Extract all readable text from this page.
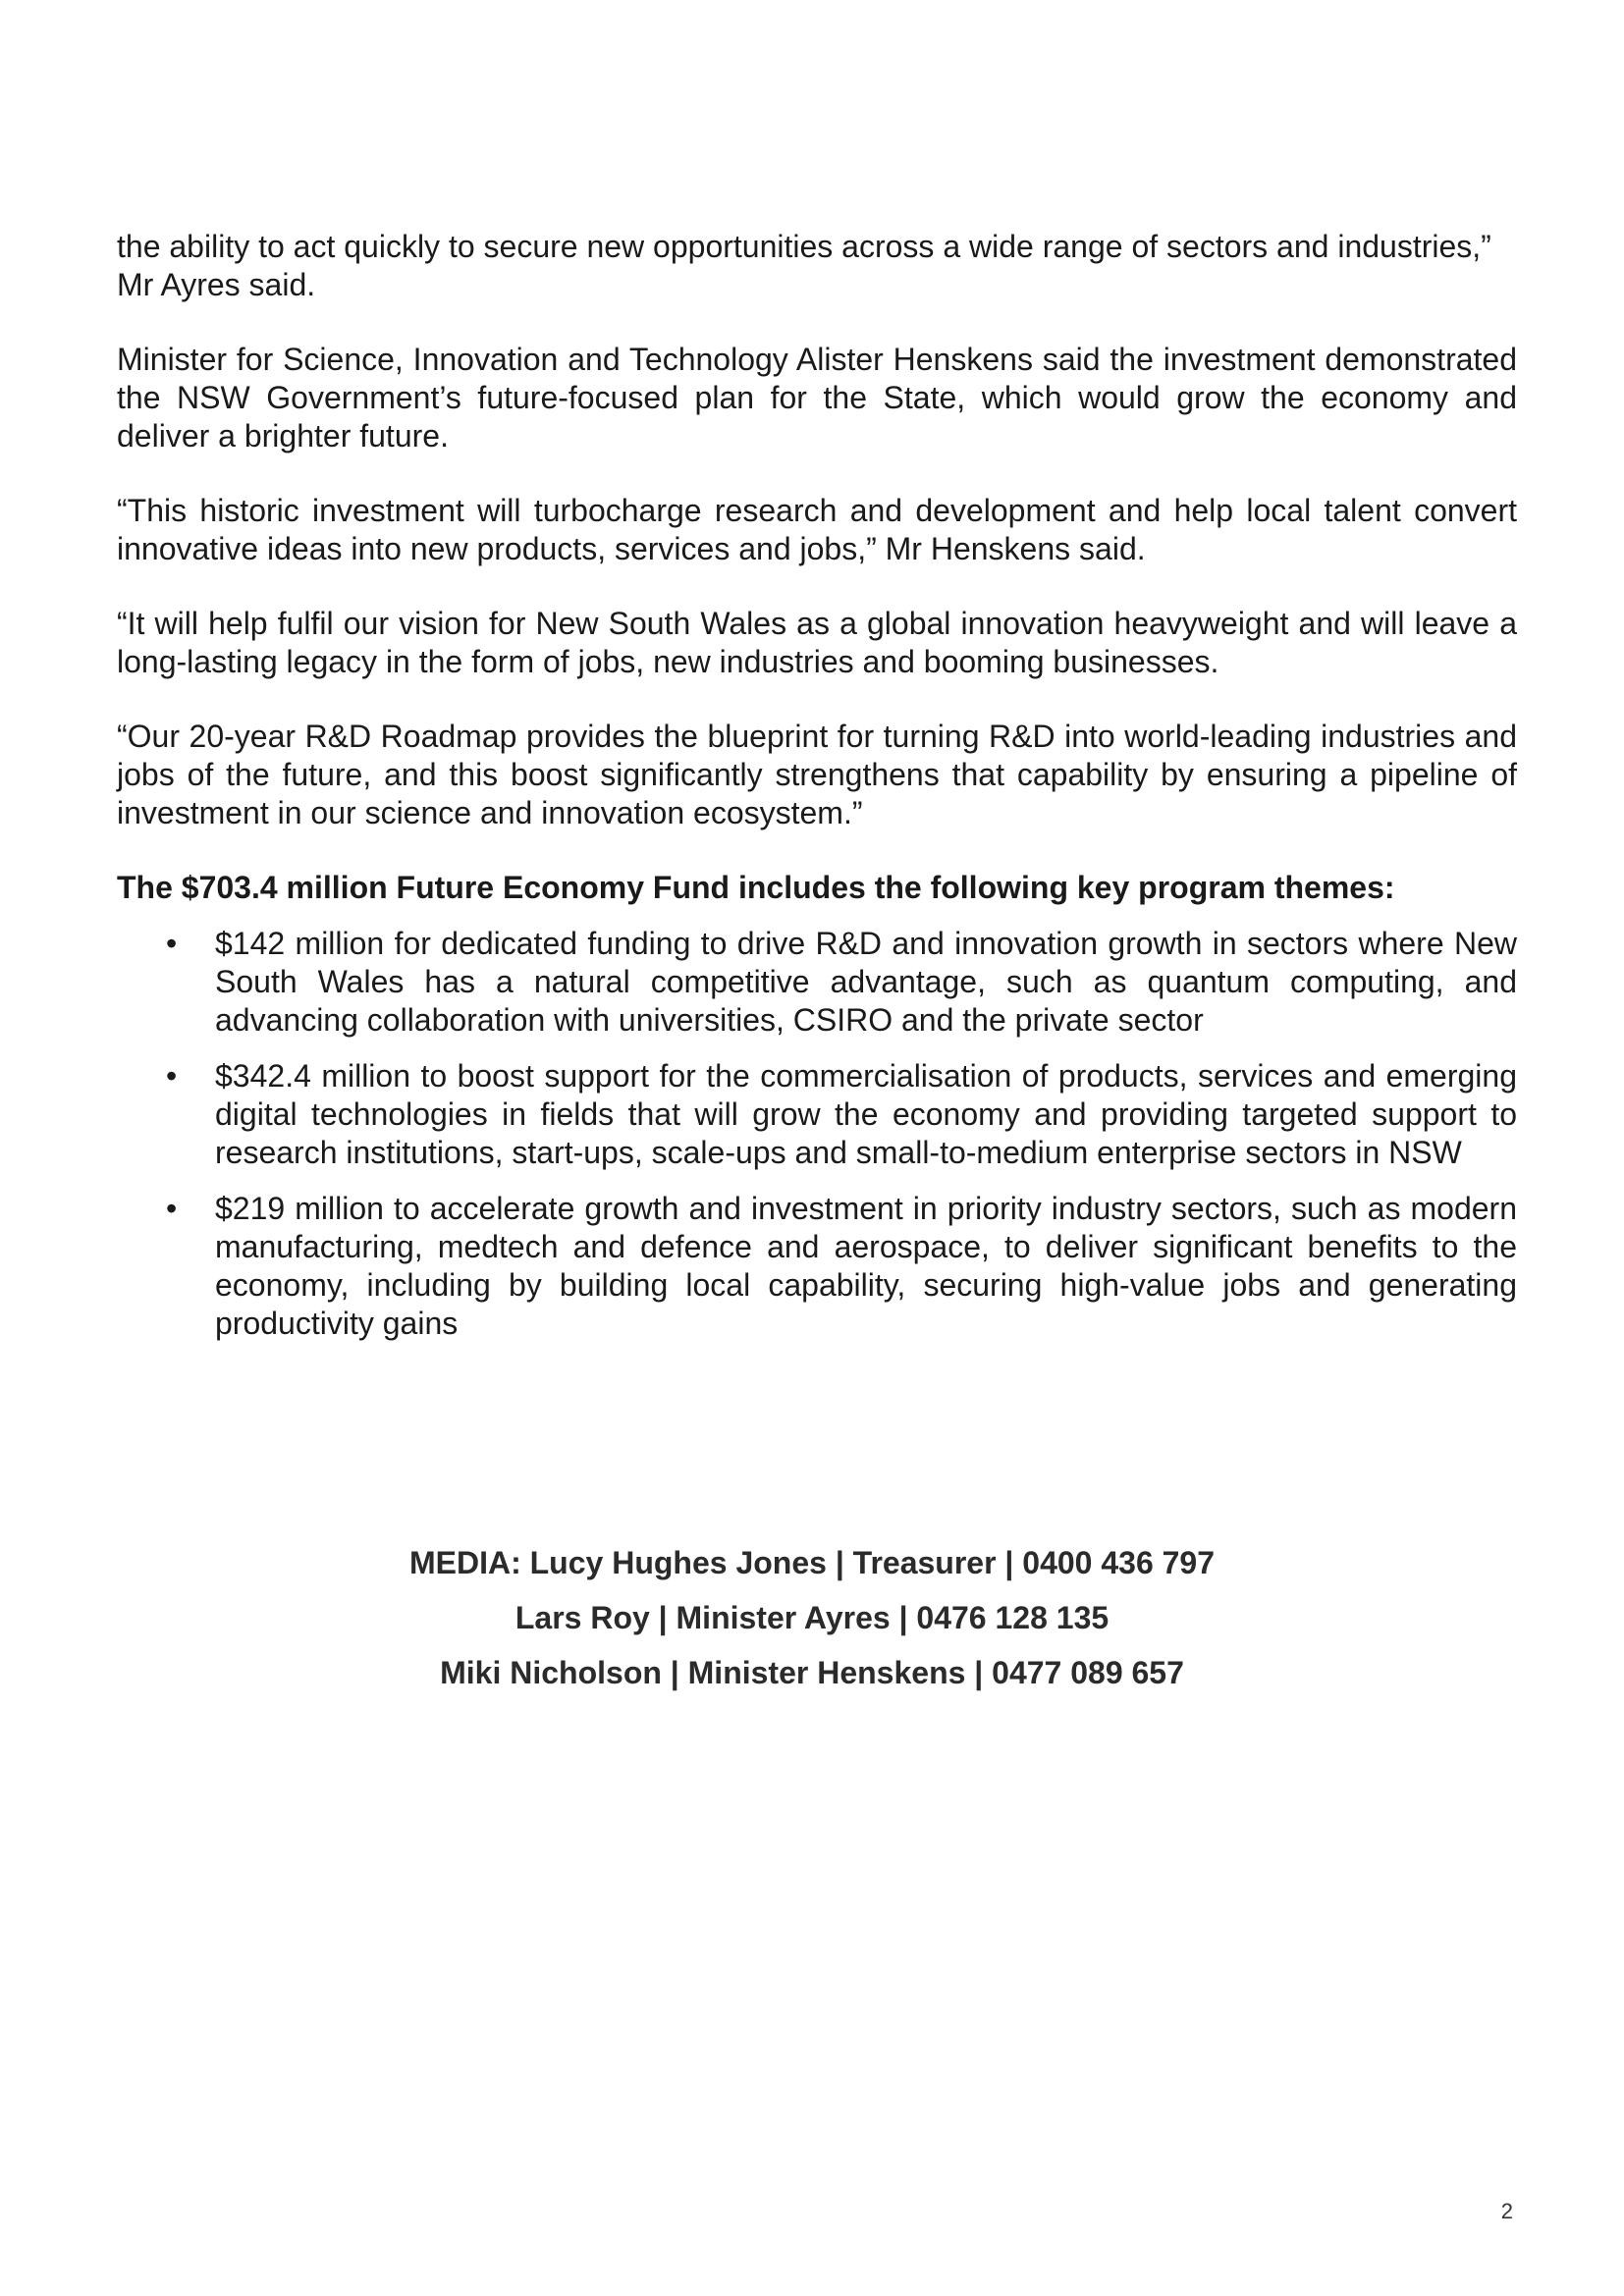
the ability to act quickly to secure new opportunities across a wide range of sectors and industries,” Mr Ayres said.

Minister for Science, Innovation and Technology Alister Henskens said the investment demonstrated the NSW Government’s future-focused plan for the State, which would grow the economy and deliver a brighter future.

“This historic investment will turbocharge research and development and help local talent convert innovative ideas into new products, services and jobs,” Mr Henskens said.

“It will help fulfil our vision for New South Wales as a global innovation heavyweight and will leave a long-lasting legacy in the form of jobs, new industries and booming businesses.

“Our 20-year R&D Roadmap provides the blueprint for turning R&D into world-leading industries and jobs of the future, and this boost significantly strengthens that capability by ensuring a pipeline of investment in our science and innovation ecosystem.”

The $703.4 million Future Economy Fund includes the following key program themes:

• $142 million for dedicated funding to drive R&D and innovation growth in sectors where New South Wales has a natural competitive advantage, such as quantum computing, and advancing collaboration with universities, CSIRO and the private sector
• $342.4 million to boost support for the commercialisation of products, services and emerging digital technologies in fields that will grow the economy and providing targeted support to research institutions, start-ups, scale-ups and small-to-medium enterprise sectors in NSW
• $219 million to accelerate growth and investment in priority industry sectors, such as modern manufacturing, medtech and defence and aerospace, to deliver significant benefits to the economy, including by building local capability, securing high-value jobs and generating productivity gains
MEDIA: Lucy Hughes Jones | Treasurer | 0400 436 797
Lars Roy | Minister Ayres | 0476 128 135
Miki Nicholson | Minister Henskens | 0477 089 657
2
